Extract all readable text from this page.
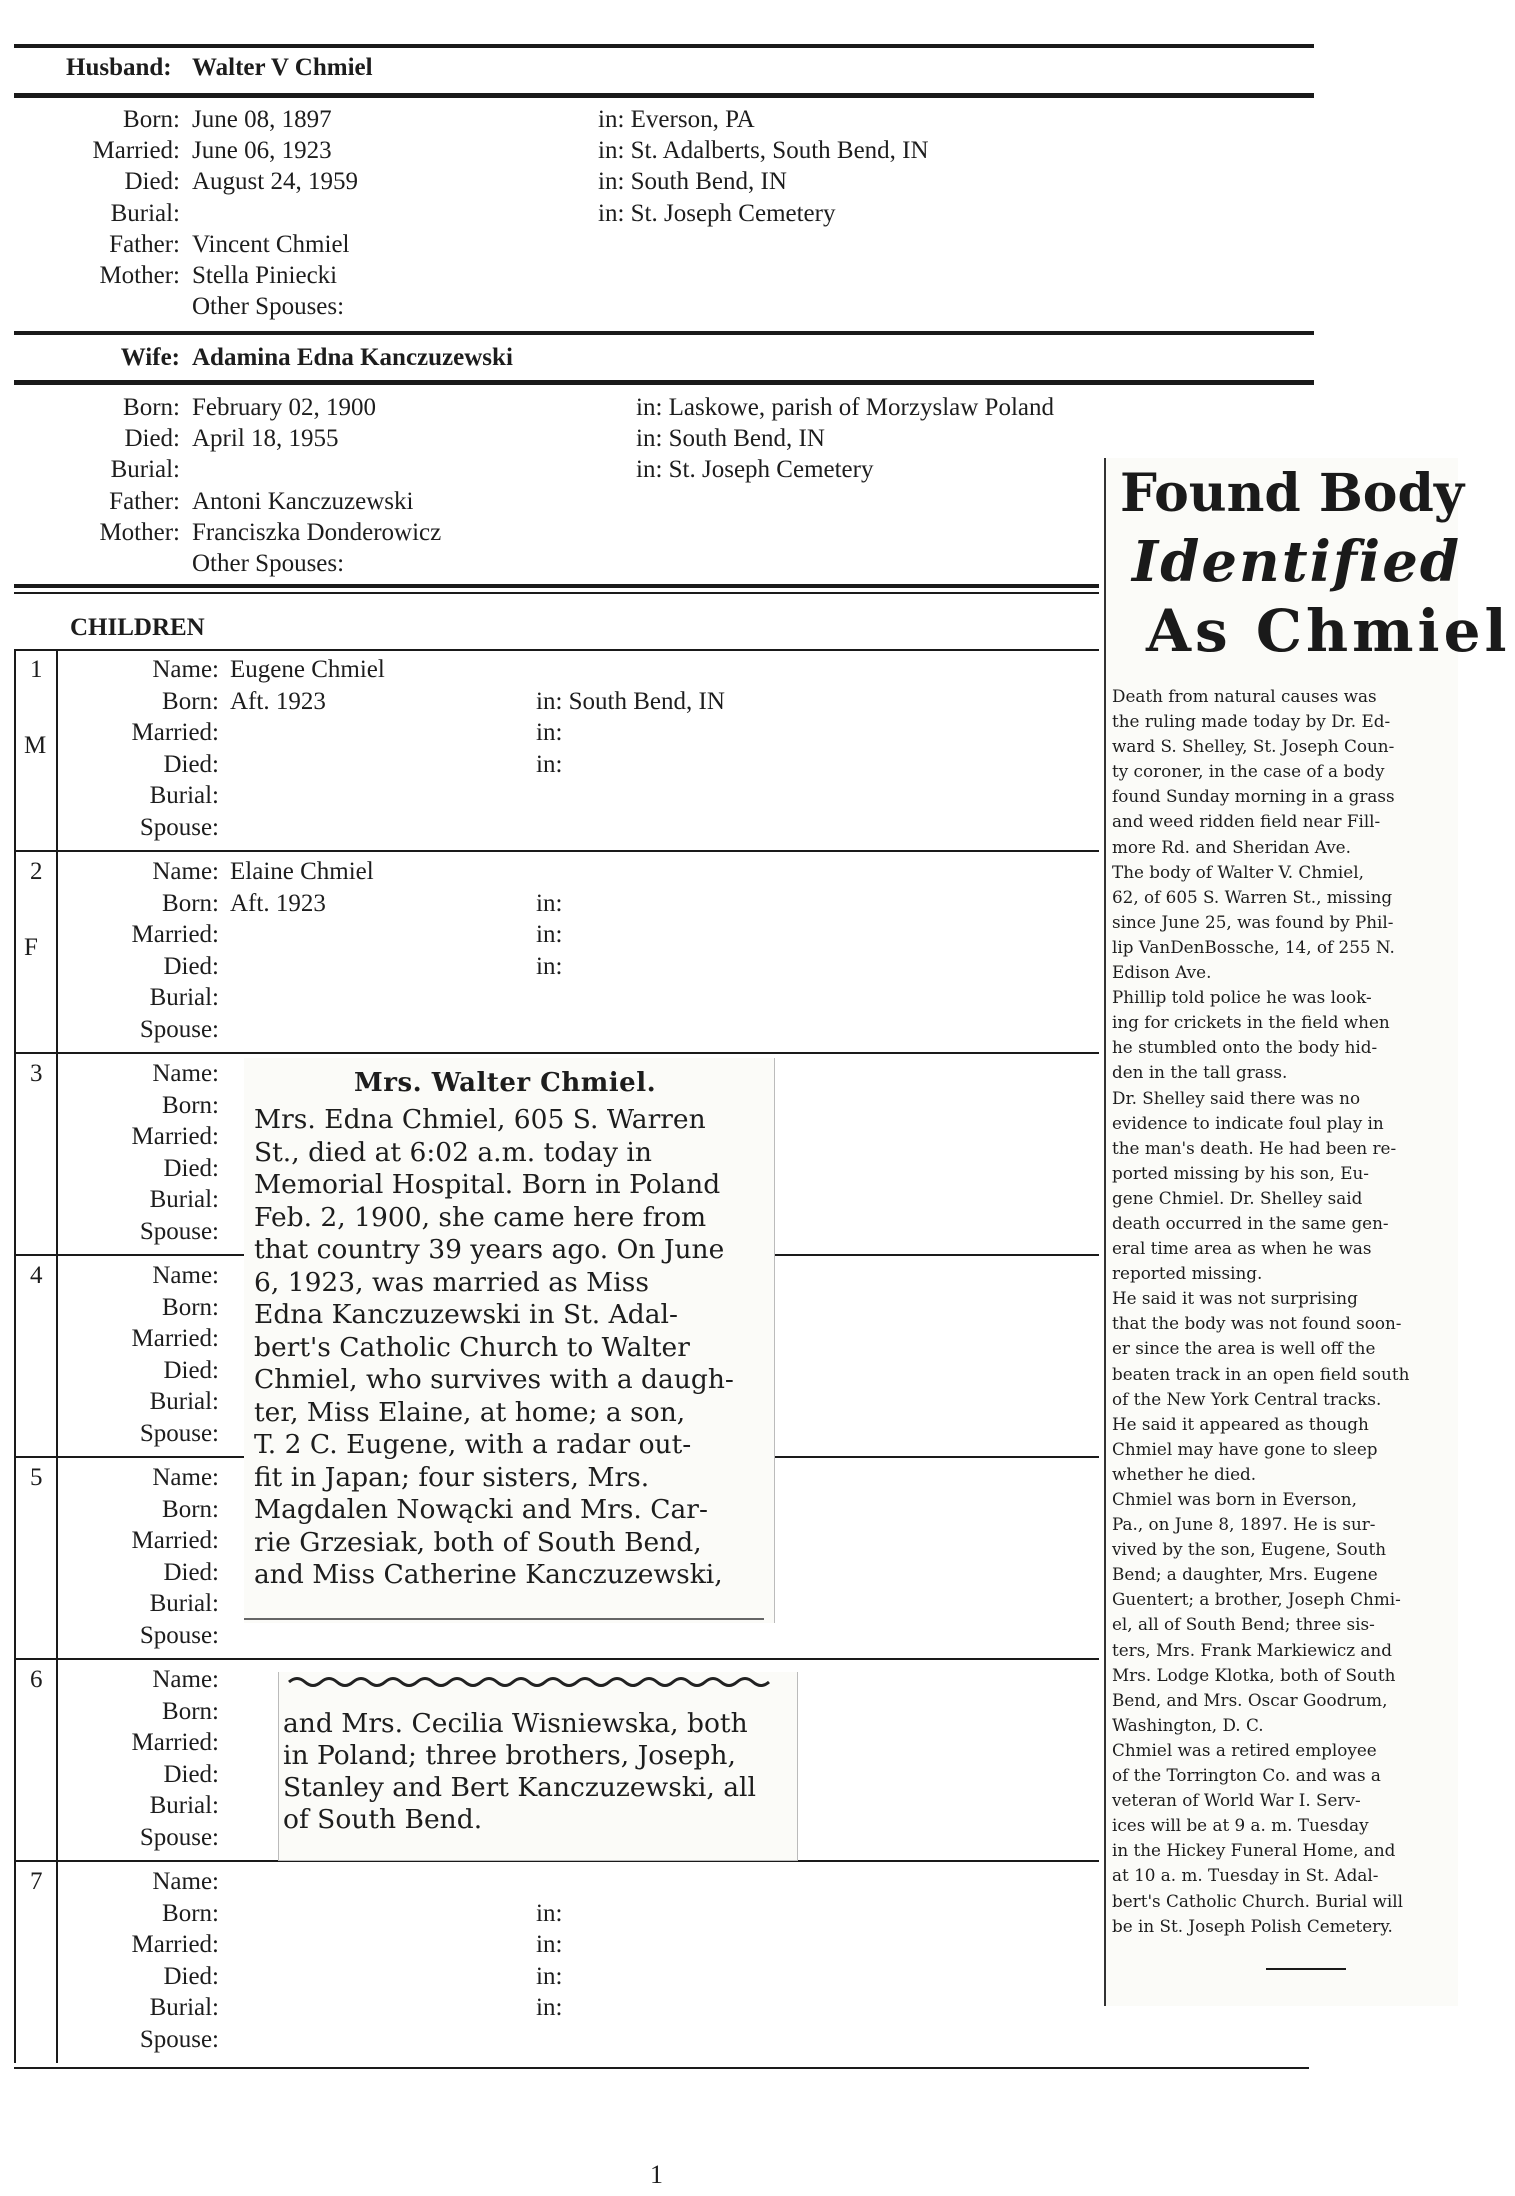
Husband: Walter V Chmiel
Born: June 08, 1897	in: Everson, PA
Married: June 06, 1923	in: St. Adalberts, South Bend, IN
Died: August 24, 1959	in: South Bend, IN
Burial:	in: St. Joseph Cemetery
Father: Vincent Chmiel
Mother: Stella Piniecki
Other Spouses:
Wife: Adamina Edna Kanczuzewski
Born: February 02, 1900	in: Laskowe, parish of Morzyslaw Poland
Died: April 18, 1955	in: South Bend, IN
Burial:	in: St. Joseph Cemetery
Father: Antoni Kanczuzewski
Mother: Franciszka Donderowicz
Other Spouses:
CHILDREN
1
M
Name: Eugene Chmiel
Born: Aft. 1923	in: South Bend, IN
Married:	in:
Died:	in:
Burial:
Spouse:
2
F
Name: Elaine Chmiel
Born: Aft. 1923	in:
Married:	in:
Died:	in:
Burial:
Spouse:
3	Name:
Born:
Married:
Died:
Burial:
Spouse:
4	Name:
Born:
Married:
Died:
Burial:
Spouse:
5	Name:
Born:
Married:
Died:
Burial:
Spouse:
6	Name:
Born:
Married:
Died:
Burial:
Spouse:
7	Name:
Born:	in:
Married:	in:
Died:	in:
Burial:	in:
Spouse:
Mrs. Walter Chmiel.

Mrs. Edna Chmiel, 605 S. Warren

St., died at 6:02 a.m. today in

Memorial Hospital. Born in Poland

Feb. 2, 1900, she came here from

that country 39 years ago. On June

6, 1923, was married as Miss

Edna Kanczuzewski in St. Adal-

bert's Catholic Church to Walter

Chmiel, who survives with a daugh-

ter, Miss Elaine, at home; a son,

T. 2 C. Eugene, with a radar out-

fit in Japan; four sisters, Mrs.

Magdalen Nowącki and Mrs. Car-

rie Grzesiak, both of South Bend,

and Miss Catherine Kanczuzewski,

and Mrs. Cecilia Wisniewska, both

in Poland; three brothers, Joseph,

Stanley and Bert Kanczuzewski, all

of South Bend.

Found Body
Identified
As Chmiel

Death from natural causes was

the ruling made today by Dr. Ed-

ward S. Shelley, St. Joseph Coun-

ty coroner, in the case of a body

found Sunday morning in a grass

and weed ridden field near Fill-

more Rd. and Sheridan Ave.

The body of Walter V. Chmiel,

62, of 605 S. Warren St., missing

since June 25, was found by Phil-

lip VanDenBossche, 14, of 255 N.

Edison Ave.

Phillip told police he was look-

ing for crickets in the field when

he stumbled onto the body hid-

den in the tall grass.

Dr. Shelley said there was no

evidence to indicate foul play in

the man's death. He had been re-

ported missing by his son, Eu-

gene Chmiel. Dr. Shelley said

death occurred in the same gen-

eral time area as when he was

reported missing.

He said it was not surprising

that the body was not found soon-

er since the area is well off the

beaten track in an open field south

of the New York Central tracks.

He said it appeared as though

Chmiel may have gone to sleep

whether he died.

Chmiel was born in Everson,

Pa., on June 8, 1897. He is sur-

vived by the son, Eugene, South

Bend; a daughter, Mrs. Eugene

Guentert; a brother, Joseph Chmi-

el, all of South Bend; three sis-

ters, Mrs. Frank Markiewicz and

Mrs. Lodge Klotka, both of South

Bend, and Mrs. Oscar Goodrum,

Washington, D. C.

Chmiel was a retired employee

of the Torrington Co. and was a

veteran of World War I. Serv-

ices will be at 9 a. m. Tuesday

in the Hickey Funeral Home, and

at 10 a. m. Tuesday in St. Adal-

bert's Catholic Church. Burial will

be in St. Joseph Polish Cemetery.

1
